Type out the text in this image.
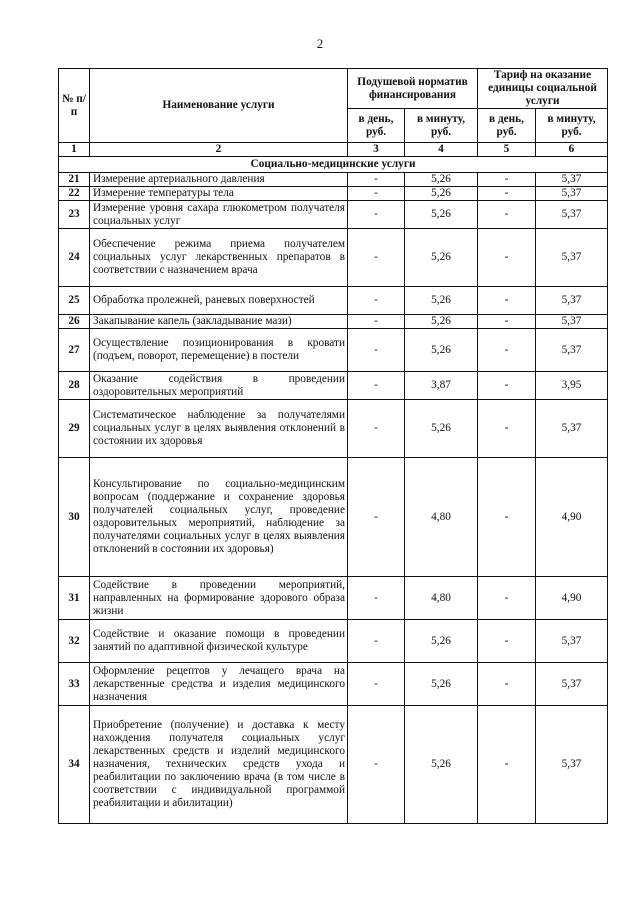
2
№ п/п	Наименование услуги	Подушевой норматив финансирования		Тариф на оказание единицы социальной услуги	
		в день, руб.	в минуту, руб.	в день, руб.	в минуту, руб.
1	2	3	4	5	6
Социально-медицинские услуги					
21	Измерение артериального давления	-	5,26	-	5,37
22	Измерение температуры тела	-	5,26	-	5,37
23	Измерение уровня сахара глюкометром получателя социальных услуг	-	5,26	-	5,37
24	Обеспечение режима приема получателем социальных услуг лекарственных препаратов в соответствии с назначением врача	-	5,26	-	5,37
25	Обработка пролежней, раневых поверхностей	-	5,26	-	5,37
26	Закапывание капель (закладывание мази)	-	5,26	-	5,37
27	Осуществление позиционирования в кровати (подъем, поворот, перемещение) в постели	-	5,26	-	5,37
28	Оказание содействия в проведении оздоровительных мероприятий	-	3,87	-	3,95
29	Систематическое наблюдение за получателями социальных услуг в целях выявления отклонений в состоянии их здоровья	-	5,26	-	5,37
30	Консультирование по социально-медицинским вопросам (поддержание и сохранение здоровья получателей социальных услуг, проведение оздоровительных мероприятий, наблюдение за получателями социальных услуг в целях выявления отклонений в состоянии их здоровья)	-	4,80	-	4,90
31	Содействие в проведении мероприятий, направленных на формирование здорового образа жизни	-	4,80	-	4,90
32	Содействие и оказание помощи в проведении занятий по адаптивной физической культуре	-	5,26	-	5,37
33	Оформление рецептов у лечащего врача на лекарственные средства и изделия медицинского назначения	-	5,26	-	5,37
34	Приобретение (получение) и доставка к месту нахождения получателя социальных услуг лекарственных средств и изделий медицинского назначения, технических средств ухода и реабилитации по заключению врача (в том числе в соответствии с индивидуальной программой реабилитации и абилитации)	-	5,26	-	5,37
